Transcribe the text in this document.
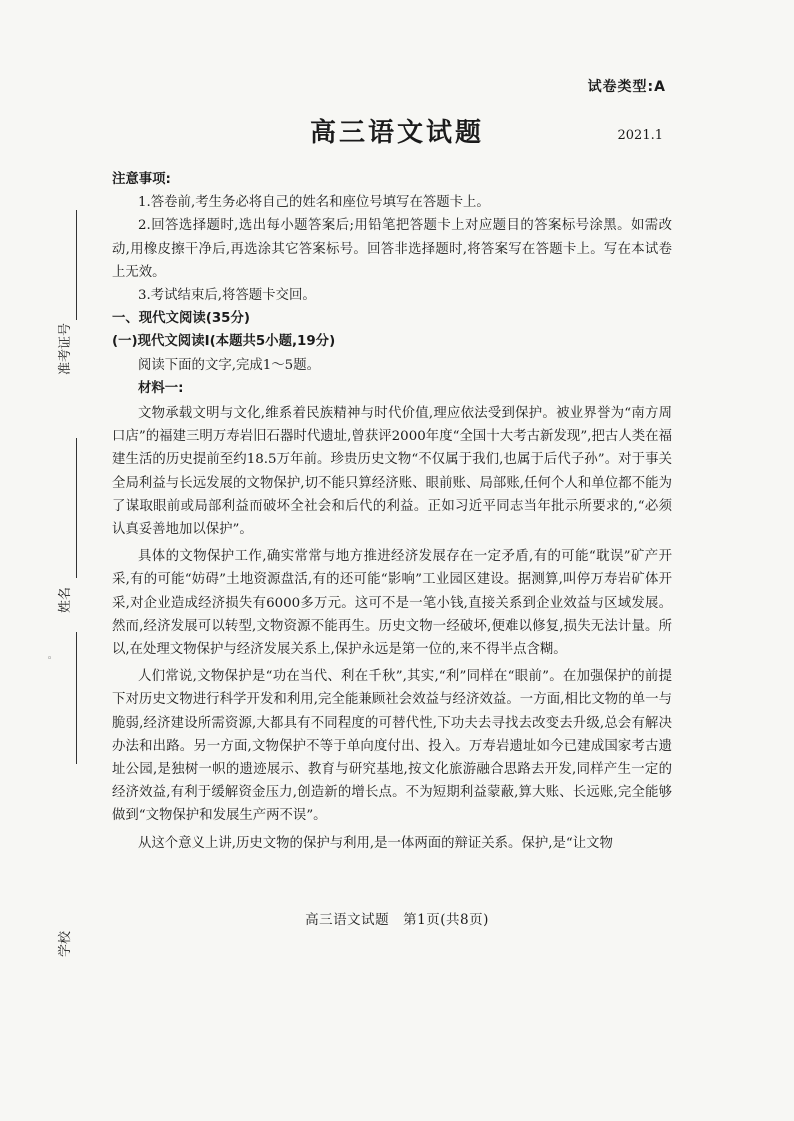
试卷类型:A
高三语文试题	2021.1
准考证号
姓名
学校
◦

注意事项:

1.答卷前,考生务必将自己的姓名和座位号填写在答题卡上。

2.回答选择题时,选出每小题答案后;用铅笔把答题卡上对应题目的答案标号涂黑。如需改动,用橡皮擦干净后,再选涂其它答案标号。回答非选择题时,将答案写在答题卡上。写在本试卷上无效。

3.考试结束后,将答题卡交回。

一、现代文阅读(35分)

(一)现代文阅读Ⅰ(本题共5小题,19分)

阅读下面的文字,完成1～5题。

材料一:

文物承载文明与文化,维系着民族精神与时代价值,理应依法受到保护。被业界誉为“南方周口店”的福建三明万寿岩旧石器时代遗址,曾获评2000年度“全国十大考古新发现”,把古人类在福建生活的历史提前至约18.5万年前。珍贵历史文物“不仅属于我们,也属于后代子孙”。对于事关全局利益与长远发展的文物保护,切不能只算经济账、眼前账、局部账,任何个人和单位都不能为了谋取眼前或局部利益而破坏全社会和后代的利益。正如习近平同志当年批示所要求的,“必须认真妥善地加以保护”。

具体的文物保护工作,确实常常与地方推进经济发展存在一定矛盾,有的可能“耽误”矿产开采,有的可能“妨碍”土地资源盘活,有的还可能“影响”工业园区建设。据测算,叫停万寿岩矿体开采,对企业造成经济损失有6000多万元。这可不是一笔小钱,直接关系到企业效益与区域发展。然而,经济发展可以转型,文物资源不能再生。历史文物一经破坏,便难以修复,损失无法计量。所以,在处理文物保护与经济发展关系上,保护永远是第一位的,来不得半点含糊。

人们常说,文物保护是“功在当代、利在千秋”,其实,“利”同样在“眼前”。在加强保护的前提下对历史文物进行科学开发和利用,完全能兼顾社会效益与经济效益。一方面,相比文物的单一与脆弱,经济建设所需资源,大都具有不同程度的可替代性,下功夫去寻找去改变去升级,总会有解决办法和出路。另一方面,文物保护不等于单向度付出、投入。万寿岩遗址如今已建成国家考古遗址公园,是独树一帜的遗迹展示、教育与研究基地,按文化旅游融合思路去开发,同样产生一定的经济效益,有利于缓解资金压力,创造新的增长点。不为短期利益蒙蔽,算大账、长远账,完全能够做到“文物保护和发展生产两不误”。

从这个意义上讲,历史文物的保护与利用,是一体两面的辩证关系。保护,是“让文物

高三语文试题　第1页(共8页)
